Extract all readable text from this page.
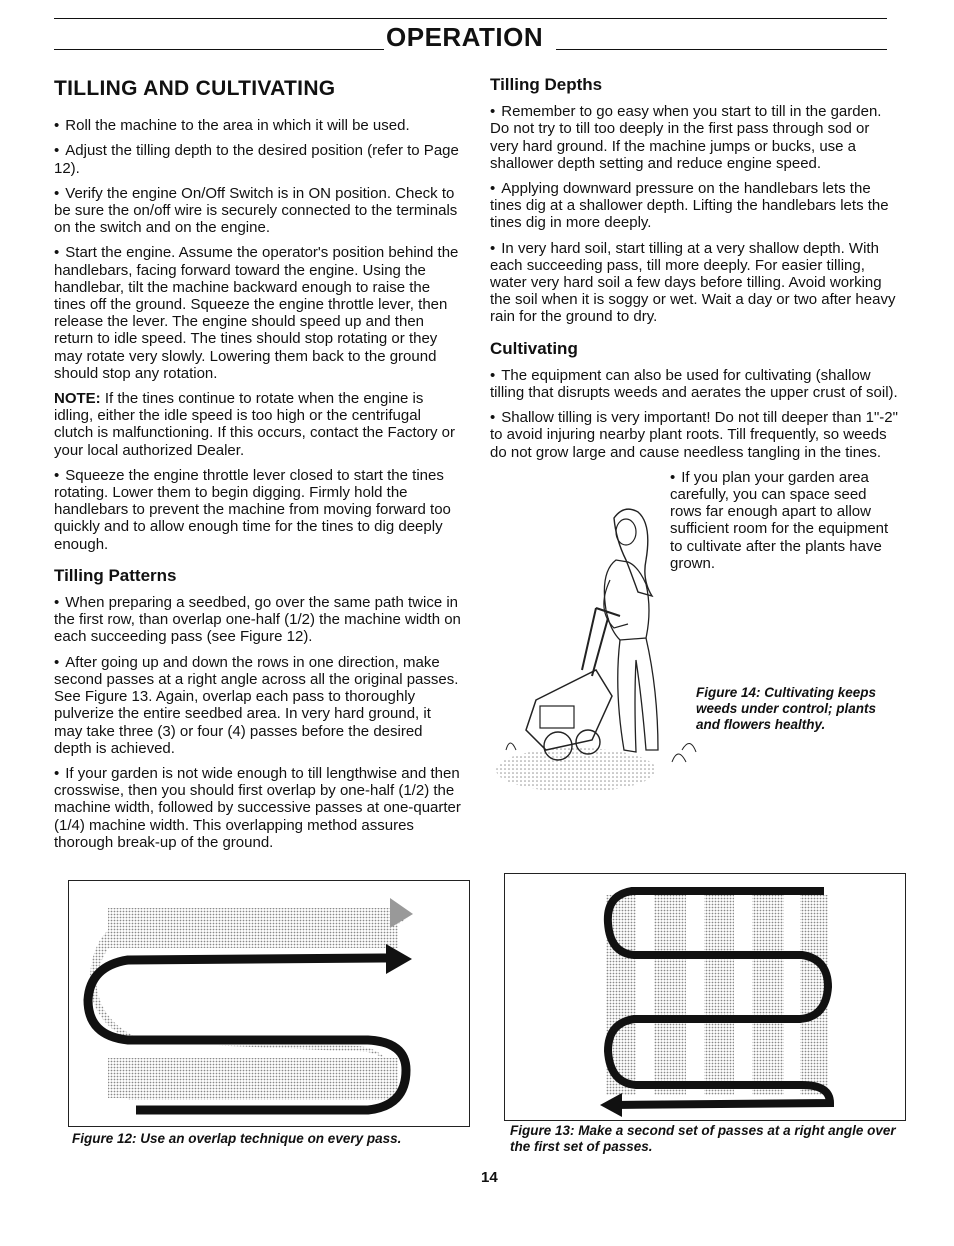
OPERATION
TILLING AND CULTIVATING

• Roll the machine to the area in which it will be used.

• Adjust the tilling depth to the desired position (refer to Page 12).

• Verify the engine On/Off Switch is in ON position. Check to be sure the on/off wire is securely connected to the terminals on the switch and on the engine.

• Start the engine. Assume the operator's position behind the handlebars, facing forward toward the engine. Using the handlebar, tilt the machine backward enough to raise the tines off the ground. Squeeze the engine throttle lever, then release the lever. The engine should speed up and then return to idle speed. The tines should stop rotating or they may rotate very slowly. Lowering them back to the ground should stop any rotation.

NOTE: If the tines continue to rotate when the engine is idling, either the idle speed is too high or the centrifugal clutch is malfunctioning. If this occurs, contact the Factory or your local authorized Dealer.

• Squeeze the engine throttle lever closed to start the tines rotating. Lower them to begin digging. Firmly hold the handlebars to prevent the machine from moving forward too quickly and to allow enough time for the tines to dig deeply enough.

Tilling Patterns

• When preparing a seedbed, go over the same path twice in the first row, than overlap one-half (1/2) the machine width on each succeeding pass (see Figure 12).

• After going up and down the rows in one direction, make second passes at a right angle across all the original passes. See Figure 13. Again, overlap each pass to thoroughly pulverize the entire seedbed area. In very hard ground, it may take three (3) or four (4) passes before the desired depth is achieved.

• If your garden is not wide enough to till lengthwise and then crosswise, then you should first overlap by one-half (1/2) the machine width, followed by successive passes at one-quarter (1/4) machine width. This overlapping method assures thorough break-up of the ground.

Tilling Depths

• Remember to go easy when you start to till in the garden. Do not try to till too deeply in the first pass through sod or very hard ground. If the machine jumps or bucks, use a shallower depth setting and reduce engine speed.

• Applying downward pressure on the handlebars lets the tines dig at a shallower depth. Lifting the handlebars lets the tines dig in more deeply.

• In very hard soil, start tilling at a very shallow depth. With each succeeding pass, till more deeply. For easier tilling, water very hard soil a few days before tilling. Avoid working the soil when it is soggy or wet. Wait a day or two after heavy rain for the ground to dry.

Cultivating

• The equipment can also be used for cultivating (shallow tilling that disrupts weeds and aerates the upper crust of soil).

• Shallow tilling is very important! Do not till deeper than 1"-2" to avoid injuring nearby plant roots. Till frequently, so weeds do not grow large and cause needless tangling in the tines.

• If you plan your garden area carefully, you can space seed rows far enough apart to allow sufficient room for the equipment to cultivate after the plants have grown.

Figure 14: Cultivating keeps weeds under control; plants and flowers healthy.
Figure 12: Use an overlap technique on every pass.
Figure 13: Make a second set of passes at a right angle over the first set of passes.
14
